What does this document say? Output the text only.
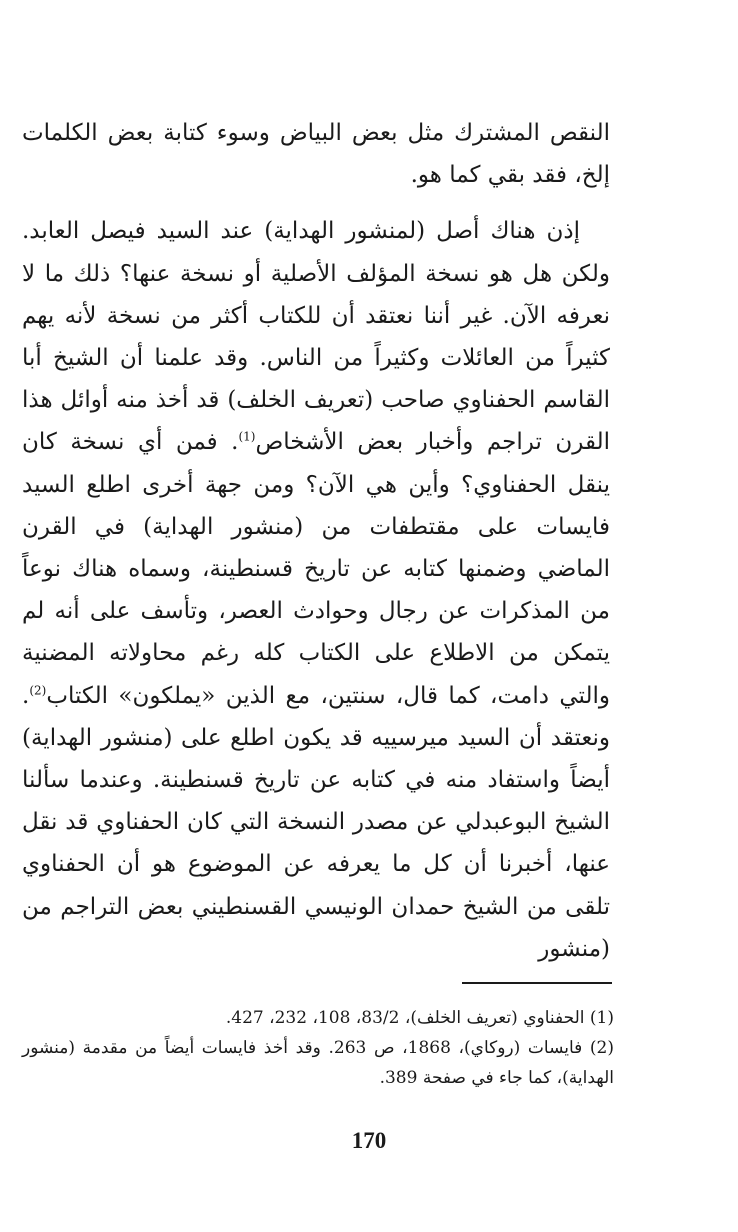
النقص المشترك مثل بعض البياض وسوء كتابة بعض الكلمات إلخ، فقد بقي كما هو.

إذن هناك أصل (لمنشور الهداية) عند السيد فيصل العابد. ولكن هل هو نسخة المؤلف الأصلية أو نسخة عنها؟ ذلك ما لا نعرفه الآن. غير أننا نعتقد أن للكتاب أكثر من نسخة لأنه يهم كثيراً من العائلات وكثيراً من الناس. وقد علمنا أن الشيخ أبا القاسم الحفناوي صاحب (تعريف الخلف) قد أخذ منه أوائل هذا القرن تراجم وأخبار بعض الأشخاص$^{(1)}$. فمن أي نسخة كان ينقل الحفناوي؟ وأين هي الآن؟ ومن جهة أخرى اطلع السيد فايسات على مقتطفات من (منشور الهداية) في القرن الماضي وضمنها كتابه عن تاريخ قسنطينة، وسماه هناك نوعاً من المذكرات عن رجال وحوادث العصر، وتأسف على أنه لم يتمكن من الاطلاع على الكتاب كله رغم محاولاته المضنية والتي دامت، كما قال، سنتين، مع الذين «يملكون» الكتاب$^{(2)}$. ونعتقد أن السيد ميرسييه قد يكون اطلع على (منشور الهداية) أيضاً واستفاد منه في كتابه عن تاريخ قسنطينة. وعندما سألنا الشيخ البوعبدلي عن مصدر النسخة التي كان الحفناوي قد نقل عنها، أخبرنا أن كل ما يعرفه عن الموضوع هو أن الحفناوي تلقى من الشيخ حمدان الونيسي القسنطيني بعض التراجم من (منشور

(1) الحفناوي (تعريف الخلف)، 83/2، 108، 232، 427.

(2) فايسات (روكاي)، 1868، ص 263. وقد أخذ فايسات أيضاً من مقدمة (منشور الهداية)، كما جاء في صفحة 389.

170
